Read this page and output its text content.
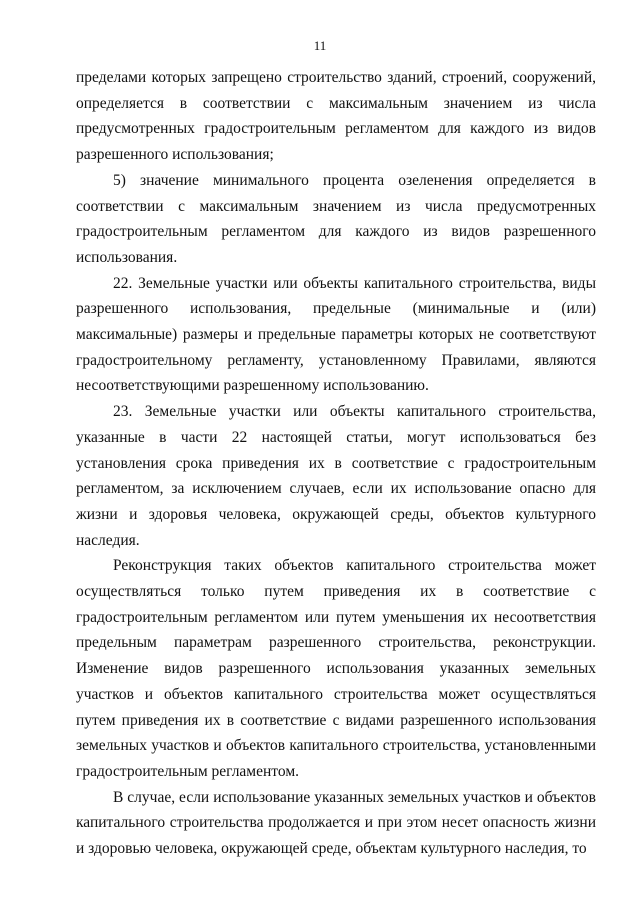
11

пределами которых запрещено строительство зданий, строений, сооружений, определяется в соответствии с максимальным значением из числа предусмотренных градостроительным регламентом для каждого из видов разрешенного использования;

5) значение минимального процента озеленения определяется в соответствии с максимальным значением из числа предусмотренных градостроительным регламентом для каждого из видов разрешенного использования.

22. Земельные участки или объекты капитального строительства, виды разрешенного использования, предельные (минимальные и (или) максимальные) размеры и предельные параметры которых не соответствуют градостроительному регламенту, установленному Правилами, являются несоответствующими разрешенному использованию.

23. Земельные участки или объекты капитального строительства, указанные в части 22 настоящей статьи, могут использоваться без установления срока приведения их в соответствие с градостроительным регламентом, за исключением случаев, если их использование опасно для жизни и здоровья человека, окружающей среды, объектов культурного наследия.

Реконструкция таких объектов капитального строительства может осуществляться только путем приведения их в соответствие с градостроительным регламентом или путем уменьшения их несоответствия предельным параметрам разрешенного строительства, реконструкции. Изменение видов разрешенного использования указанных земельных участков и объектов капитального строительства может осуществляться путем приведения их в соответствие с видами разрешенного использования земельных участков и объектов капитального строительства, установленными градостроительным регламентом.

В случае, если использование указанных земельных участков и объектов капитального строительства продолжается и при этом несет опасность жизни и здоровью человека, окружающей среде, объектам культурного наследия, то
